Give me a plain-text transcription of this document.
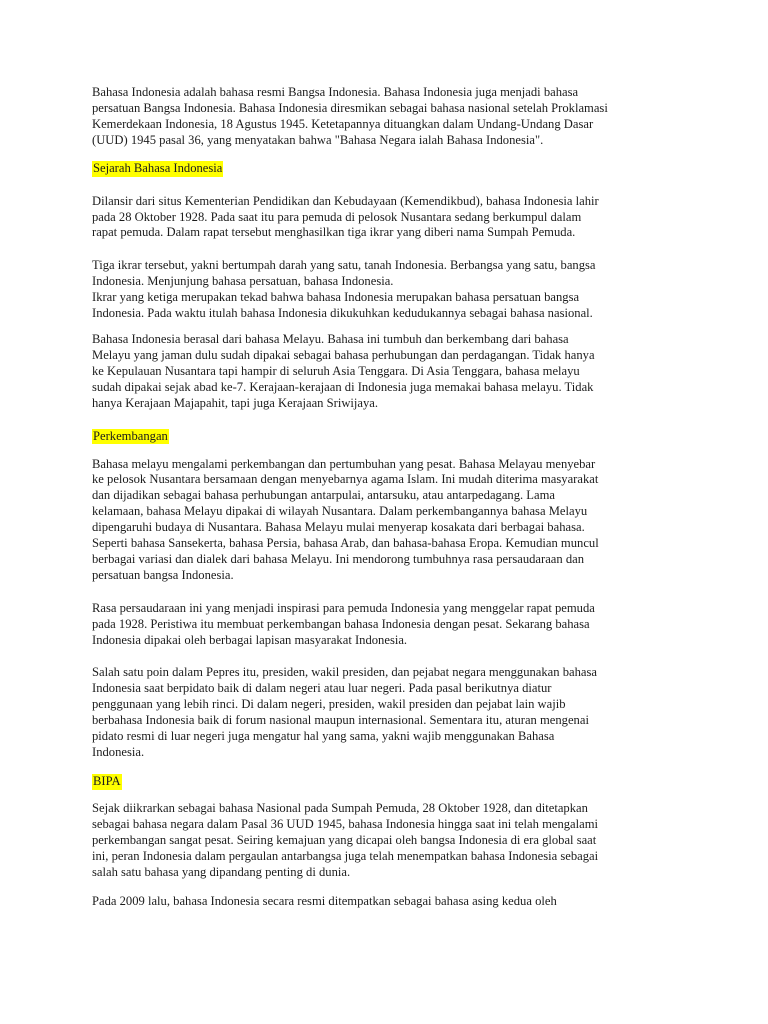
Bahasa Indonesia adalah bahasa resmi Bangsa Indonesia. Bahasa Indonesia juga menjadi bahasa
persatuan Bangsa Indonesia. Bahasa Indonesia diresmikan sebagai bahasa nasional setelah Proklamasi
Kemerdekaan Indonesia, 18 Agustus 1945. Ketetapannya dituangkan dalam Undang-Undang Dasar
(UUD) 1945 pasal 36, yang menyatakan bahwa "Bahasa Negara ialah Bahasa Indonesia".

Sejarah Bahasa Indonesia

Dilansir dari situs Kementerian Pendidikan dan Kebudayaan (Kemendikbud), bahasa Indonesia lahir
pada 28 Oktober 1928. Pada saat itu para pemuda di pelosok Nusantara sedang berkumpul dalam
rapat pemuda. Dalam rapat tersebut menghasilkan tiga ikrar yang diberi nama Sumpah Pemuda.

Tiga ikrar tersebut, yakni bertumpah darah yang satu, tanah Indonesia. Berbangsa yang satu, bangsa
Indonesia. Menjunjung bahasa persatuan, bahasa Indonesia.
Ikrar yang ketiga merupakan tekad bahwa bahasa Indonesia merupakan bahasa persatuan bangsa
Indonesia. Pada waktu itulah bahasa Indonesia dikukuhkan kedudukannya sebagai bahasa nasional.

Bahasa Indonesia berasal dari bahasa Melayu. Bahasa ini tumbuh dan berkembang dari bahasa
Melayu yang jaman dulu sudah dipakai sebagai bahasa perhubungan dan perdagangan. Tidak hanya
ke Kepulauan Nusantara tapi hampir di seluruh Asia Tenggara. Di Asia Tenggara, bahasa melayu
sudah dipakai sejak abad ke-7. Kerajaan-kerajaan di Indonesia juga memakai bahasa melayu. Tidak
hanya Kerajaan Majapahit, tapi juga Kerajaan Sriwijaya.

Perkembangan

Bahasa melayu mengalami perkembangan dan pertumbuhan yang pesat. Bahasa Melayau menyebar
ke pelosok Nusantara bersamaan dengan menyebarnya agama Islam. Ini mudah diterima masyarakat
dan dijadikan sebagai bahasa perhubungan antarpulai, antarsuku, atau antarpedagang. Lama
kelamaan, bahasa Melayu dipakai di wilayah Nusantara. Dalam perkembangannya bahasa Melayu
dipengaruhi budaya di Nusantara. Bahasa Melayu mulai menyerap kosakata dari berbagai bahasa.
Seperti bahasa Sansekerta, bahasa Persia, bahasa Arab, dan bahasa-bahasa Eropa. Kemudian muncul
berbagai variasi dan dialek dari bahasa Melayu. Ini mendorong tumbuhnya rasa persaudaraan dan
persatuan bangsa Indonesia.

Rasa persaudaraan ini yang menjadi inspirasi para pemuda Indonesia yang menggelar rapat pemuda
pada 1928. Peristiwa itu membuat perkembangan bahasa Indonesia dengan pesat. Sekarang bahasa
Indonesia dipakai oleh berbagai lapisan masyarakat Indonesia.

Salah satu poin dalam Pepres itu, presiden, wakil presiden, dan pejabat negara menggunakan bahasa
Indonesia saat berpidato baik di dalam negeri atau luar negeri. Pada pasal berikutnya diatur
penggunaan yang lebih rinci. Di dalam negeri, presiden, wakil presiden dan pejabat lain wajib
berbahasa Indonesia baik di forum nasional maupun internasional. Sementara itu, aturan mengenai
pidato resmi di luar negeri juga mengatur hal yang sama, yakni wajib menggunakan Bahasa
Indonesia.

BIPA

Sejak diikrarkan sebagai bahasa Nasional pada Sumpah Pemuda, 28 Oktober 1928, dan ditetapkan
sebagai bahasa negara dalam Pasal 36 UUD 1945, bahasa Indonesia hingga saat ini telah mengalami
perkembangan sangat pesat. Seiring kemajuan yang dicapai oleh bangsa Indonesia di era global saat
ini, peran Indonesia dalam pergaulan antarbangsa juga telah menempatkan bahasa Indonesia sebagai
salah satu bahasa yang dipandang penting di dunia.

Pada 2009 lalu, bahasa Indonesia secara resmi ditempatkan sebagai bahasa asing kedua oleh
